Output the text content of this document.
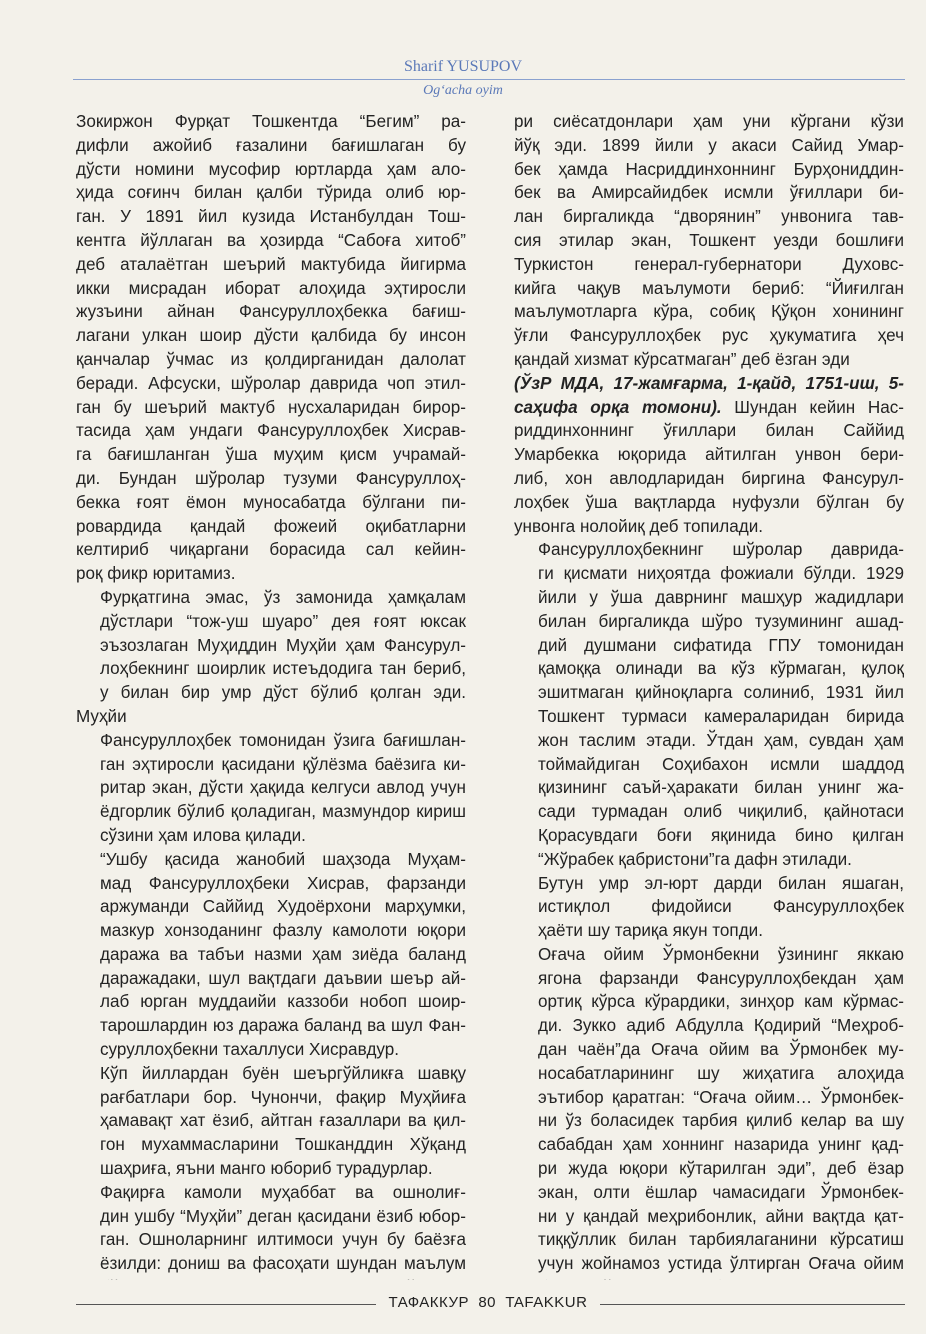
Sharif YUSUPOV
Og‘acha oyim

Зокиржон Фурқат Тошкентда “Бегим” ра-
дифли ажойиб ғазалини бағишлаган бу
дўсти номини мусофир юртларда ҳам ало-
ҳида соғинч билан қалби тўрида олиб юр-
ган. У 1891 йил кузида Истанбулдан Тош-
кентга йўллаган ва ҳозирда “Сабоға хитоб”
деб аталаётган шеърий мактубида йигирма
икки мисрадан иборат алоҳида эҳтиросли
жузъини айнан Фансуруллоҳбекка бағиш-
лагани улкан шоир дўсти қалбида бу инсон
қанчалар ўчмас из қолдирганидан далолат
беради. Афсуски, шўролар даврида чоп этил-
ган бу шеърий мактуб нусхаларидан бирор-
тасида ҳам ундаги Фансуруллоҳбек Хисрав-
га бағишланган ўша муҳим қисм учрамай-
ди. Бундан шўролар тузуми Фансуруллоҳ-
бекка ғоят ёмон муносабатда бўлгани пи-
ровардида қандай фожеий оқибатларни
келтириб чиқаргани борасида сал кейин-
роқ фикр юритамиз.

Фурқатгина эмас, ўз замонида ҳамқалам
дўстлари “тож-уш шуаро” дея ғоят юксак
эъзозлаган Муҳиддин Муҳйи ҳам Фансурул-
лоҳбекнинг шоирлик истеъдодига тан бериб,
у билан бир умр дўст бўлиб қолган эди. Муҳйи
Фансуруллоҳбек томонидан ўзига бағишлан-
ган эҳтиросли қасидани қўлёзма баёзига ки-
ритар экан, дўсти ҳақида келгуси авлод учун
ёдгорлик бўлиб қоладиган, мазмундор кириш
сўзини ҳам илова қилади.

“Ушбу қасида жанобий шаҳзода Муҳам-
мад Фансуруллоҳбеки Хисрав, фарзанди
аржуманди Саййид Худоёрхони марҳумки,
мазкур хонзоданинг фазлу камолоти юқори
даража ва табъи назми ҳам зиёда баланд
даражадаки, шул вақтдаги даъвии шеър ай-
лаб юрган муддаийи каззоби нобоп шоир-
тарошлардин юз даража баланд ва шул Фан-
суруллоҳбекни тахаллуси Хисравдур.

Кўп йиллардан буён шеъргўйликға шавқу
рағбатлари бор. Чунончи, фақир Муҳйиға
ҳамавақт хат ёзиб, айтган ғазаллари ва қил-
гон мухаммасларини Тошканддин Хўқанд
шаҳриға, яъни манго юбориб турадурлар.

Фақирға камоли муҳаббат ва ошнолиғ-
дин ушбу “Муҳйи” деган қасидани ёзиб юбор-
ган. Ошноларнинг илтимоси учун бу баёзға
ёзилди: дониш ва фасоҳати шундан маълум

ри сиёсатдонлари ҳам уни кўргани кўзи
йўқ эди. 1899 йили у акаси Сайид Умар-
бек ҳамда Насриддинхоннинг Бурҳониддин-
бек ва Амирсайидбек исмли ўғиллари би-
лан биргаликда “дворянин” унвонига тав-
сия этилар экан, Тошкент уезди бошлиғи
Туркистон генерал-губернатори Духовс-
кийга чақув маълумоти бериб: “Йиғилган
маълумотларга кўра, собиқ Қўқон хонининг
ўғли Фансуруллоҳбек рус ҳукуматига ҳеч
қандай хизмат кўрсатмаган” деб ёзган эди

(ЎзР МДА, 17-жамғарма, 1-қайд, 1751-иш, 5-
саҳифа орқа томони). Шундан кейин Нас-
риддинхоннинг ўғиллари билан Саййид
Умарбекка юқорида айтилган унвон бери-
либ, хон авлодларидан биргина Фансурул-
лоҳбек ўша вақтларда нуфузли бўлган бу
унвонга нолойиқ деб топилади.

Фансуруллоҳбекнинг шўролар даврида-
ги қисмати ниҳоятда фожиали бўлди. 1929
йили у ўша даврнинг машҳур жадидлари
билан биргаликда шўро тузумининг ашад-
дий душмани сифатида ГПУ томонидан
қамоққа олинади ва кўз кўрмаган, қулоқ
эшитмаган қийноқларга солиниб, 1931 йил
Тошкент турмаси камераларидан бирида
жон таслим этади. Ўтдан ҳам, сувдан ҳам
тоймайдиган Соҳибахон исмли шаддод
қизининг саъй-ҳаракати билан унинг жа-
сади турмадан олиб чиқилиб, қайнотаси
Қорасувдаги боғи яқинида бино қилган
“Жўрабек қабристони”га дафн этилади.

Бутун умр эл-юрт дарди билан яшаган,
истиқлол фидойиси Фансуруллоҳбек
ҳаёти шу тариқа якун топди.

Оғача ойим Ўрмонбекни ўзининг яккаю
ягона фарзанди Фансуруллоҳбекдан ҳам
ортиқ кўрса кўрардики, зинҳор кам кўрмас-
ди. Зукко адиб Абдулла Қодирий “Меҳроб-
дан чаён”да Оғача ойим ва Ўрмонбек му-
носабатларининг шу жиҳатига алоҳида
эътибор қаратган: “Оғача ойим… Ўрмонбек-
ни ўз боласидек тарбия қилиб келар ва шу
сабабдан ҳам хоннинг назарида унинг қад-
ри жуда юқори кўтарилган эди”, деб ёзар
экан, олти ёшлар чамасидаги Ўрмонбек-
ни у қандай меҳрибонлик, айни вақтда қат-
тиққўллик билан тарбиялаганини кўрсатиш
учун жойнамоз устида ўлтирган Оғача ойим

ТАФАККУР 80 TAFAKKUR
